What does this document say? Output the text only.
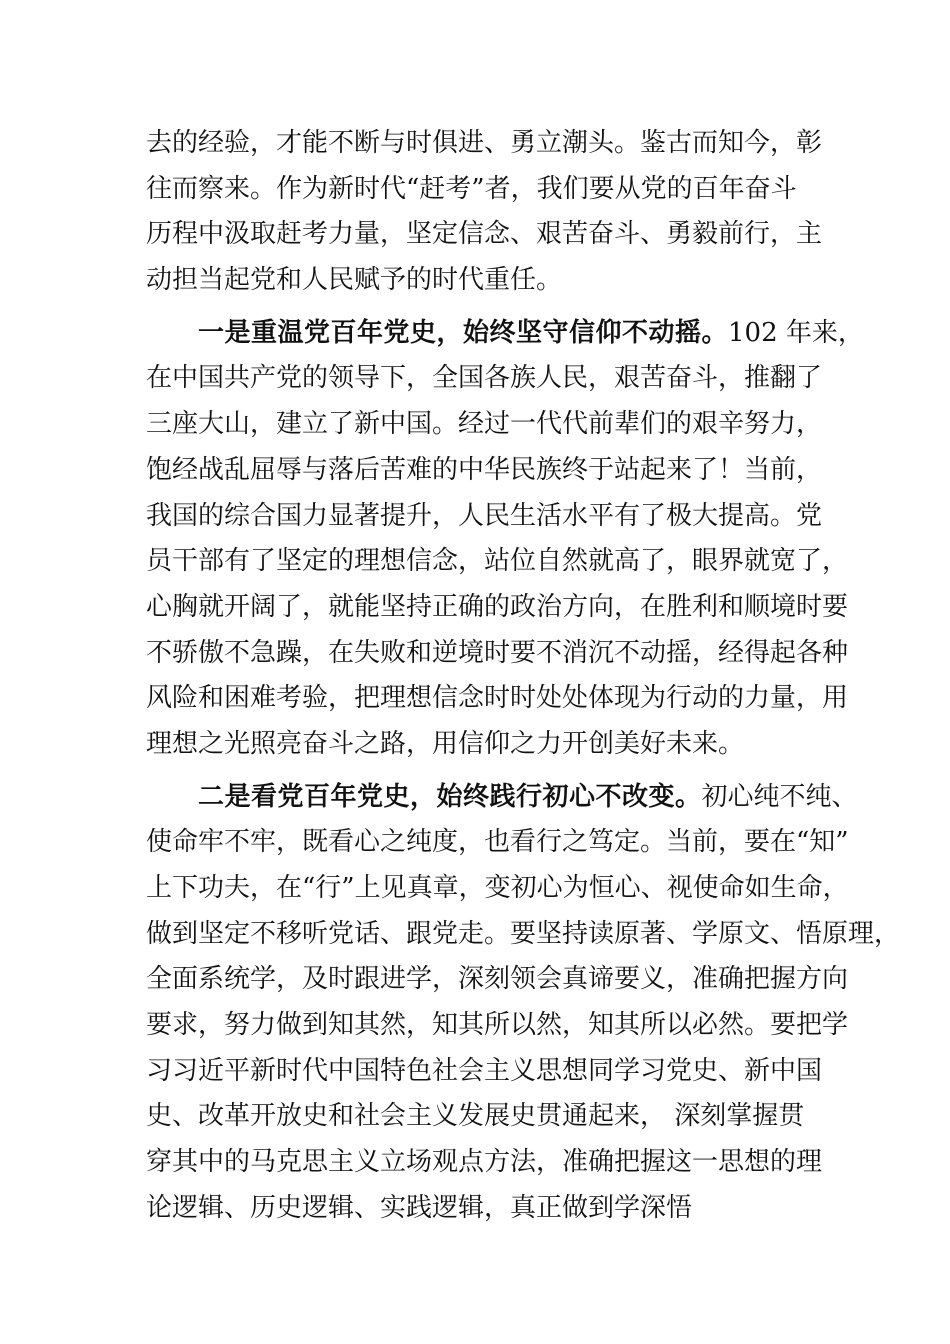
去的经验，才能不断与时俱进、勇立潮头。鉴古而知今，彰
往而察来。作为新时代“赶考”者，我们要从党的百年奋斗
历程中汲取赶考力量，坚定信念、艰苦奋斗、勇毅前行，主
动担当起党和人民赋予的时代重任。
一是重温党百年党史，始终坚守信仰不动摇。102 年来，
在中国共产党的领导下，全国各族人民，艰苦奋斗，推翻了
三座大山，建立了新中国。经过一代代前辈们的艰辛努力，
饱经战乱屈辱与落后苦难的中华民族终于站起来了！当前，
我国的综合国力显著提升，人民生活水平有了极大提高。党
员干部有了坚定的理想信念，站位自然就高了，眼界就宽了，
心胸就开阔了，就能坚持正确的政治方向，在胜利和顺境时要
不骄傲不急躁，在失败和逆境时要不消沉不动摇，经得起各种
风险和困难考验，把理想信念时时处处体现为行动的力量，用
理想之光照亮奋斗之路，用信仰之力开创美好未来。
二是看党百年党史，始终践行初心不改变。初心纯不纯、
使命牢不牢，既看心之纯度，也看行之笃定。当前，要在“知”
上下功夫，在“行”上见真章，变初心为恒心、视使命如生命，
做到坚定不移听党话、跟党走。要坚持读原著、学原文、悟原理，
全面系统学，及时跟进学，深刻领会真谛要义，准确把握方向
要求，努力做到知其然，知其所以然，知其所以必然。要把学
习习近平新时代中国特色社会主义思想同学习党史、新中国
史、改革开放史和社会主义发展史贯通起来， 深刻掌握贯
穿其中的马克思主义立场观点方法，准确把握这一思想的理
论逻辑、历史逻辑、实践逻辑，真正做到学深悟
